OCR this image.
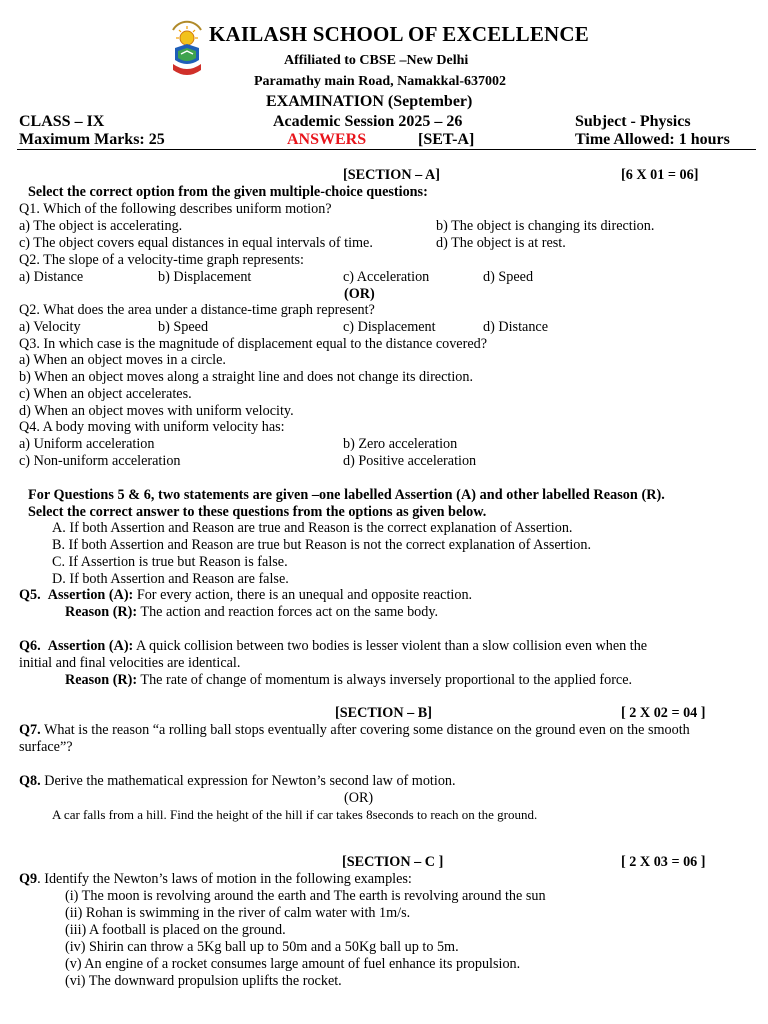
KAILASH SCHOOL OF EXCELLENCE
Affiliated to CBSE –New Delhi
Paramathy main Road, Namakkal-637002
EXAMINATION (September)
CLASS – IX	Academic Session 2025 – 26	Subject - Physics
Maximum Marks: 25	ANSWERS	[SET-A]	Time Allowed: 1 hours
[SECTION – A]	[6 X 01 = 06]
Select the correct option from the given multiple-choice questions:
Q1. Which of the following describes uniform motion?
a) The object is accelerating.	b) The object is changing its direction.
c) The object covers equal distances in equal intervals of time.	d) The object is at rest.
Q2. The slope of a velocity-time graph represents:
a) Distance	b) Displacement	c) Acceleration	d) Speed
(OR)
Q2. What does the area under a distance-time graph represent?
a) Velocity	b) Speed	c) Displacement	d) Distance
Q3. In which case is the magnitude of displacement equal to the distance covered?
a) When an object moves in a circle.
b) When an object moves along a straight line and does not change its direction.
c) When an object accelerates.
d) When an object moves with uniform velocity.
Q4. A body moving with uniform velocity has:
a) Uniform acceleration	b) Zero acceleration
c) Non-uniform acceleration	d) Positive acceleration
For Questions 5 & 6, two statements are given –one labelled Assertion (A) and other labelled Reason (R).
Select the correct answer to these questions from the options as given below.
A. If both Assertion and Reason are true and Reason is the correct explanation of Assertion.
B. If both Assertion and Reason are true but Reason is not the correct explanation of Assertion.
C. If Assertion is true but Reason is false.
D. If both Assertion and Reason are false.
Q5. Assertion (A): For every action, there is an unequal and opposite reaction.
Reason (R): The action and reaction forces act on the same body.
Q6. Assertion (A): A quick collision between two bodies is lesser violent than a slow collision even when the
initial and final velocities are identical.
Reason (R): The rate of change of momentum is always inversely proportional to the applied force.
[SECTION – B]	[ 2 X 02 = 04 ]
Q7. What is the reason “a rolling ball stops eventually after covering some distance on the ground even on the smooth
surface”?
Q8. Derive the mathematical expression for Newton’s second law of motion.
(OR)
A car falls from a hill. Find the height of the hill if car takes 8seconds to reach on the ground.
[SECTION – C ]	[ 2 X 03 = 06 ]
Q9. Identify the Newton’s laws of motion in the following examples:
(i) The moon is revolving around the earth and The earth is revolving around the sun
(ii) Rohan is swimming in the river of calm water with 1m/s.
(iii) A football is placed on the ground.
(iv) Shirin can throw a 5Kg ball up to 50m and a 50Kg ball up to 5m.
(v) An engine of a rocket consumes large amount of fuel enhance its propulsion.
(vi) The downward propulsion uplifts the rocket.
